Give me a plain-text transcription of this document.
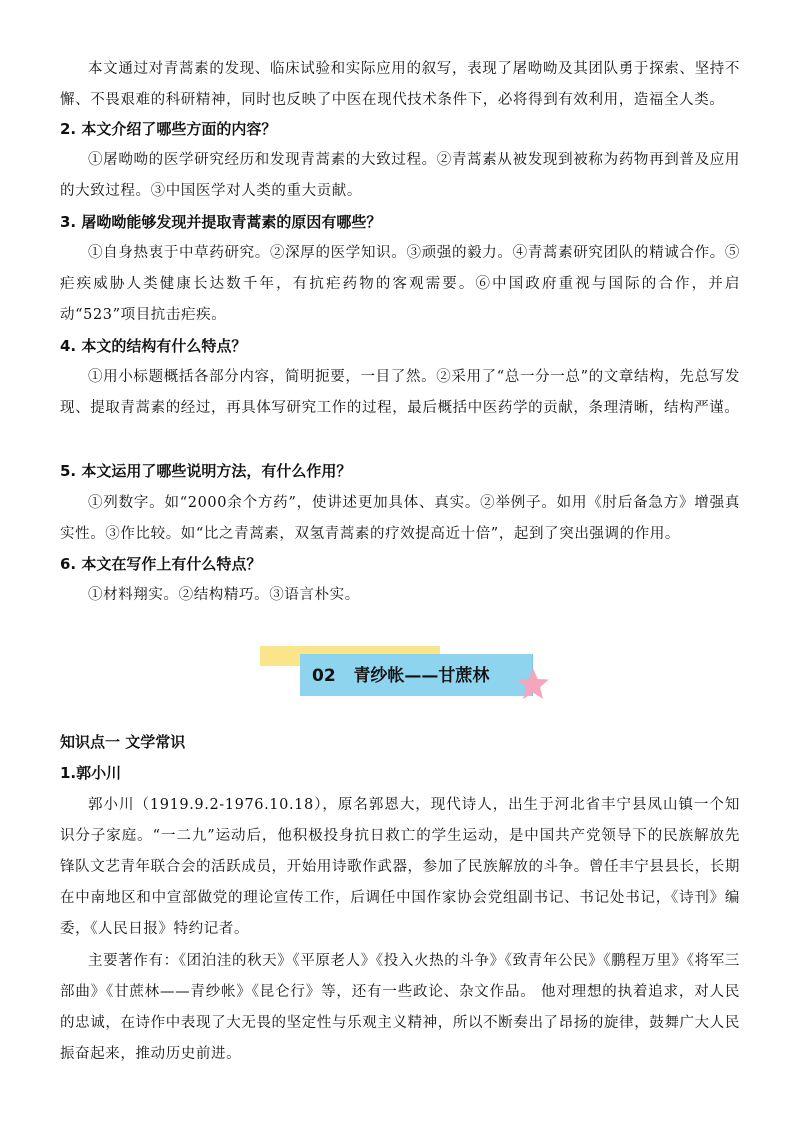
本文通过对青蒿素的发现、临床试验和实际应用的叙写，表现了屠呦呦及其团队勇于探索、坚持不懈、不畏艰难的科研精神，同时也反映了中医在现代技术条件下，必将得到有效利用，造福全人类。

2. 本文介绍了哪些方面的内容？

①屠呦呦的医学研究经历和发现青蒿素的大致过程。②青蒿素从被发现到被称为药物再到普及应用的大致过程。③中国医学对人类的重大贡献。

3. 屠呦呦能够发现并提取青蒿素的原因有哪些？

①自身热衷于中草药研究。②深厚的医学知识。③顽强的毅力。④青蒿素研究团队的精诚合作。⑤疟疾威胁人类健康长达数千年，有抗疟药物的客观需要。⑥中国政府重视与国际的合作，并启动“523”项目抗击疟疾。

4. 本文的结构有什么特点？

①用小标题概括各部分内容，简明扼要，一目了然。②采用了“总一分一总”的文章结构，先总写发现、提取青蒿素的经过，再具体写研究工作的过程，最后概括中医药学的贡献，条理清晰，结构严谨。

5. 本文运用了哪些说明方法，有什么作用？

①列数字。如“2000余个方药”，使讲述更加具体、真实。②举例子。如用《肘后备急方》增强真实性。③作比较。如“比之青蒿素，双氢青蒿素的疗效提高近十倍”，起到了突出强调的作用。

6. 本文在写作上有什么特点？

①材料翔实。②结构精巧。③语言朴实。

02 青纱帐——甘蔗林
知识点一 文学常识
1.郭小川

郭小川（1919.9.2-1976.10.18），原名郭恩大，现代诗人，出生于河北省丰宁县凤山镇一个知识分子家庭。“一二九”运动后，他积极投身抗日救亡的学生运动，是中国共产党领导下的民族解放先锋队文艺青年联合会的活跃成员，开始用诗歌作武器，参加了民族解放的斗争。曾任丰宁县县长，长期在中南地区和中宣部做党的理论宣传工作，后调任中国作家协会党组副书记、书记处书记，《诗刊》编委，《人民日报》特约记者。

主要著作有：《团泊洼的秋天》《平原老人》《投入火热的斗争》《致青年公民》《鹏程万里》《将军三部曲》《甘蔗林——青纱帐》《昆仑行》等，还有一些政论、杂文作品。 他对理想的执着追求，对人民的忠诚，在诗作中表现了大无畏的坚定性与乐观主义精神，所以不断奏出了昂扬的旋律，鼓舞广大人民振奋起来，推动历史前进。
